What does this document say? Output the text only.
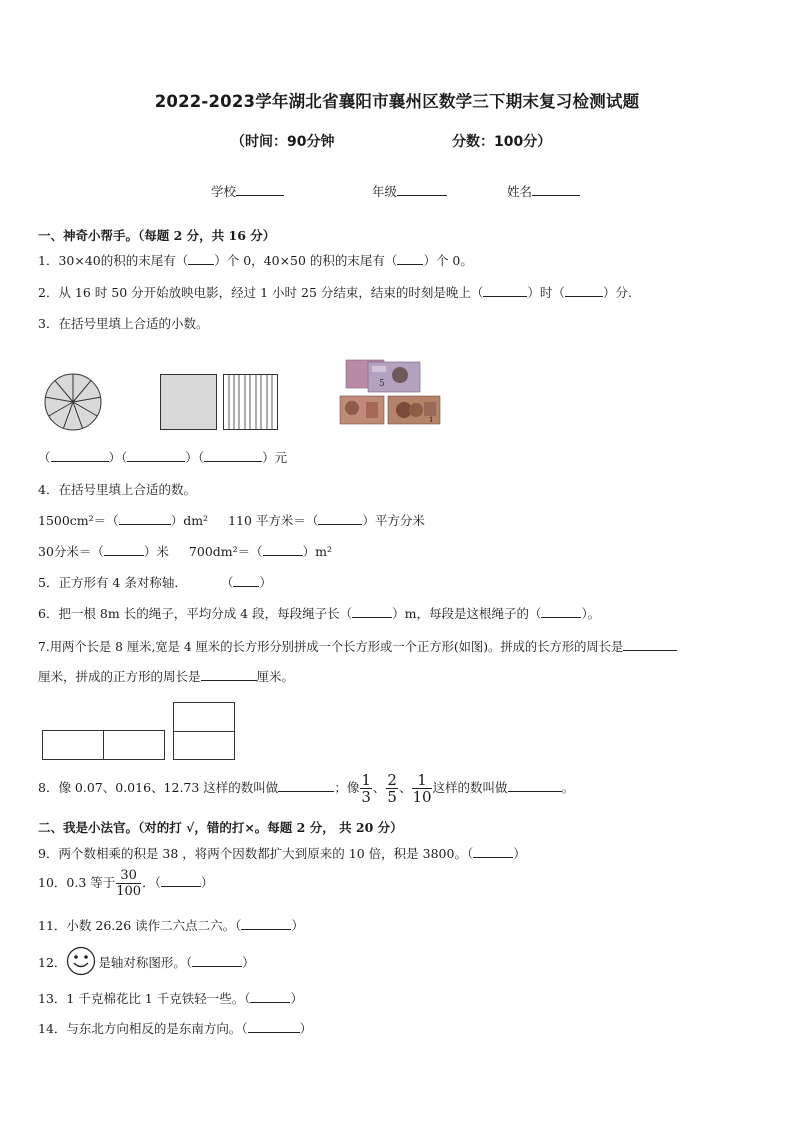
2022-2023学年湖北省襄阳市襄州区数学三下期末复习检测试题
（时间：90分钟	分数：100分）
学校	年级	姓名
一、神奇小帮手。（每题 2 分，共 16 分）
1．30×40的积的末尾有（ ）个 0，40×50 的积的末尾有（ ）个 0。
2．从 16 时 50 分开始放映电影，经过 1 小时 25 分结束，结束的时刻是晚上（	）时（	）分.
3．在括号里填上合适的小数。
5
1
（	）（	）（	）元
4．在括号里填上合适的数。
1500cm²＝（	）dm² 110 平方米＝（	）平方分米
30分米＝（	）米 700dm²＝（	）m²
5．正方形有 4 条对称轴．	（ ）
6．把一根 8m 长的绳子，平均分成 4 段，每段绳子长（	）m，每段是这根绳子的（	）。
7.用两个长是 8 厘米,宽是 4 厘米的长方形分别拼成一个长方形或一个正方形(如图)。拼成的长方形的周长是
厘米，拼成的正方形的周长是	厘米。
8．像 0.07、0.016、12.73 这样的数叫做	；像 $\frac{1}{3}$ 、 $\frac{2}{5}$ 、 $\frac{1}{10}$ 这样的数叫做	。
二、我是小法官。（对的打 √，错的打×。每题 2 分， 共 20 分）
9．两个数相乘的积是 38 ，将两个因数都扩大到原来的 10 倍，积是 3800。（	）
10．0.3 等于 $\frac{30}{100}$ ．（	）
11．小数 26.26 读作二六点二六。（	）
12．	是轴对称图形。（	）
13．1 千克棉花比 1 千克铁轻一些。（	）
14．与东北方向相反的是东南方向。（	）
